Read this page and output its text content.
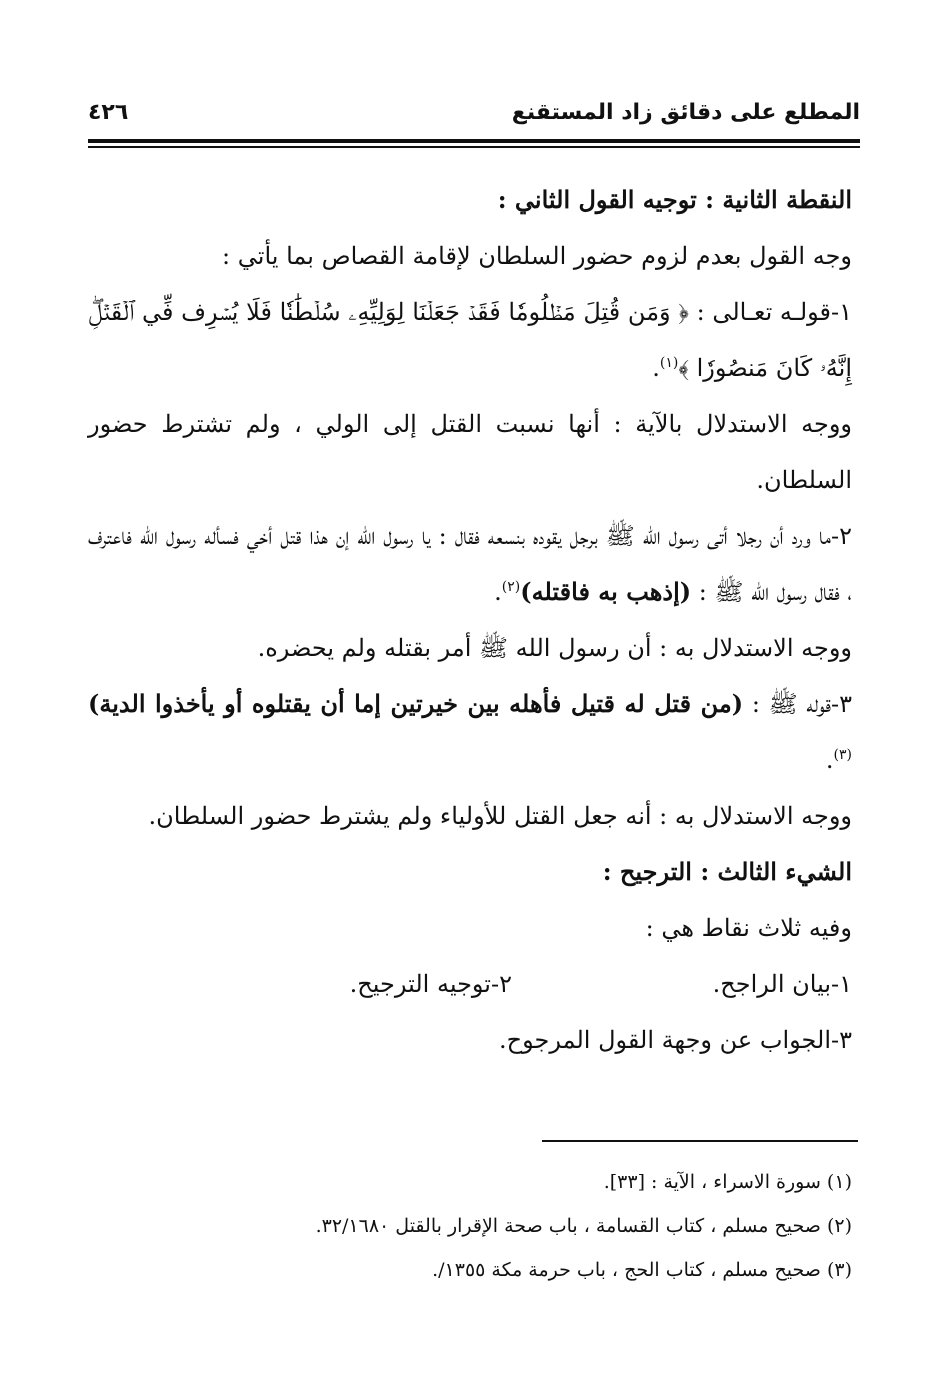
المطلع على دقائق زاد المستقنع
٤٢٦

النقطة الثانية : توجيه القول الثاني :

وجه القول بعدم لزوم حضور السلطان لإقامة القصاص بما يأتي :

١-قولـه تعـالى : ﴿ وَمَن قُتِلَ مَظۡلُومٗا فَقَدۡ جَعَلۡنَا لِوَلِيِّهِۦ سُلۡطَٰنٗا فَلَا يُسۡرِف فِّي ٱلۡقَتۡلِۖ إِنَّهُۥ كَانَ مَنصُورٗا ﴾$^{(١)}$.

ووجه الاستدلال بالآية : أنها نسبت القتل إلى الولي ، ولم تشترط حضور السلطان.

٢-ما ورد أن رجلا أتى رسول الله ﷺ برجل يقوده بنسعه فقال : يا رسول الله إن هذا قتل أخي فسأله رسول الله فاعترف ، فقال رسول الله ﷺ : (إذهب به فاقتله)$^{(٢)}$.

ووجه الاستدلال به : أن رسول الله ﷺ أمر بقتله ولم يحضره.

٣-قوله ﷺ : (من قتل له قتيل فأهله بين خيرتين إما أن يقتلوه أو يأخذوا الدية)$^{(٣)}$.

ووجه الاستدلال به : أنه جعل القتل للأولياء ولم يشترط حضور السلطان.

الشيء الثالث : الترجيح :

وفيه ثلاث نقاط هي :

١-بيان الراجح.
٢-توجيه الترجيح.

٣-الجواب عن وجهة القول المرجوح.

(١) سورة الاسراء ، الآية : [٣٣].
(٢) صحيح مسلم ، كتاب القسامة ، باب صحة الإقرار بالقتل ٣٢/١٦٨٠.
(٣) صحيح مسلم ، كتاب الحج ، باب حرمة مكة ١٣٥٥/.
